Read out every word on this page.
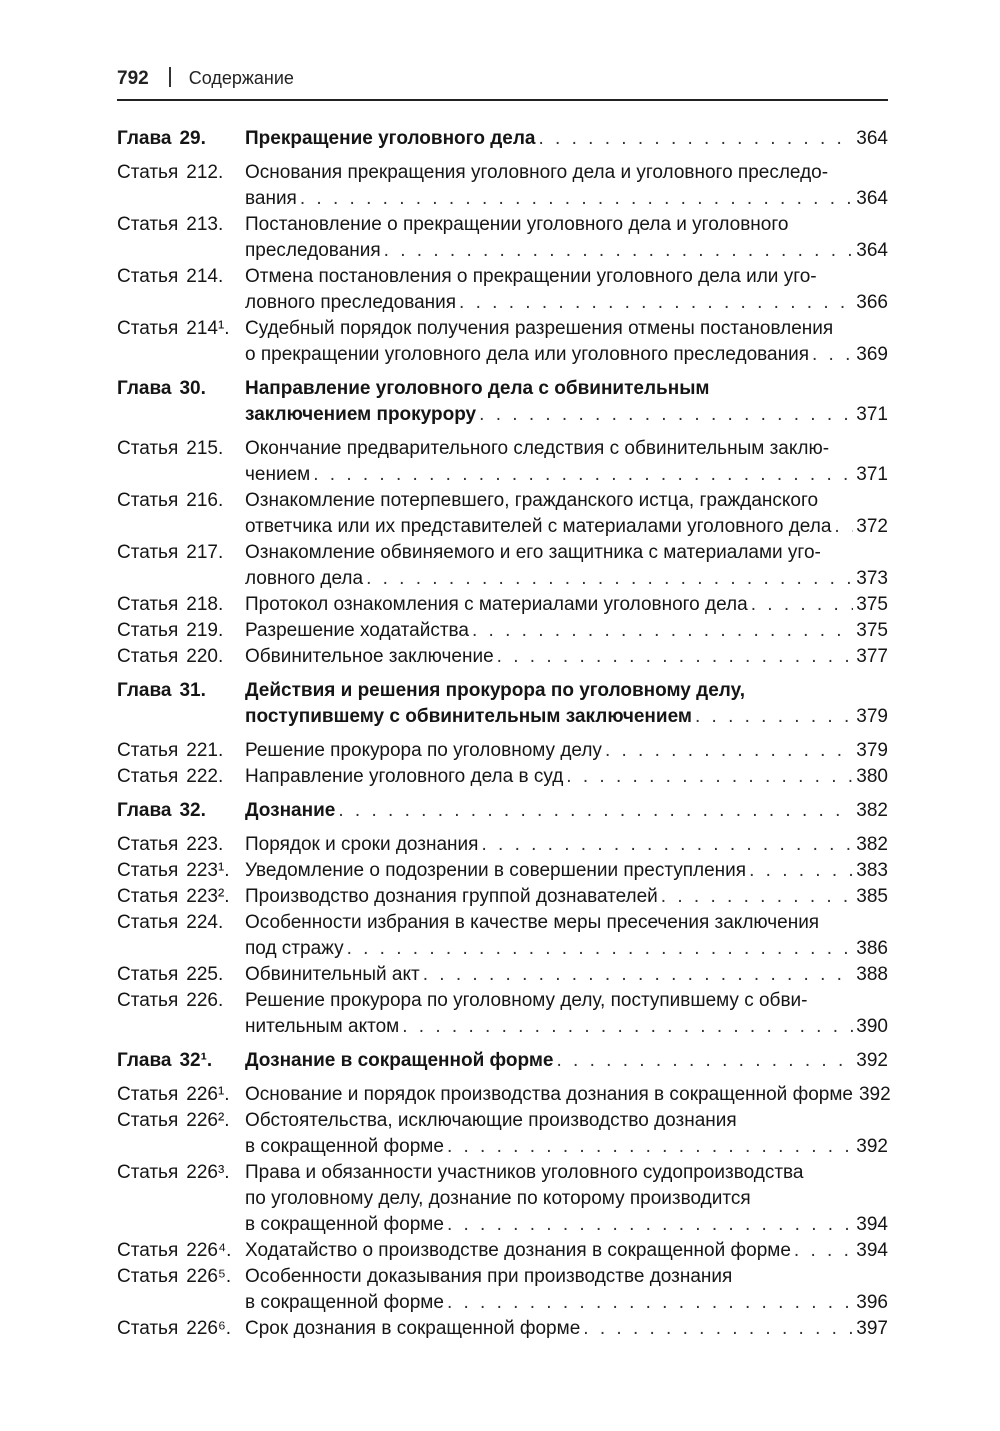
792 Содержание
Глава 29.	Прекращение уголовного дела . . .	364
Статья 212.	Основания прекращения уголовного дела и уголовного преследо-
вания . . .	364
Статья 213.	Постановление о прекращении уголовного дела и уголовного
преследования . . .	364
Статья 214.	Отмена постановления о прекращении уголовного дела или уго-
ловного преследования . . .	366
Статья 214¹. Судебный порядок получения разрешения отмены постановления
о прекращении уголовного дела или уголовного преследования . . . 369
Глава 30.	Направление уголовного дела с обвинительным
заключением прокурору . . .	371
Статья 215.	Окончание предварительного следствия с обвинительным заклю-
чением . . .	371
Статья 216.	Ознакомление потерпевшего, гражданского истца, гражданского
ответчика или их представителей с материалами уголовного дела . . . 372
Статья 217.	Ознакомление обвиняемого и его защитника с материалами уго-
ловного дела . . .	373
Статья 218.	Протокол ознакомления с материалами уголовного дела . . .	375
Статья 219.	Разрешение ходатайства . . .	375
Статья 220.	Обвинительное заключение . . .	377
Глава 31.	Действия и решения прокурора по уголовному делу,
поступившему с обвинительным заключением . . .	379
Статья 221.	Решение прокурора по уголовному делу . . .	379
Статья 222.	Направление уголовного дела в суд . . .	380
Глава 32.	Дознание . . .	382
Статья 223.	Порядок и сроки дознания . . .	382
Статья 223¹. Уведомление о подозрении в совершении преступления . . .	383
Статья 223². Производство дознания группой дознавателей . . .	385
Статья 224.	Особенности избрания в качестве меры пресечения заключения
под стражу . . .	386
Статья 225.	Обвинительный акт . . .	388
Статья 226.	Решение прокурора по уголовному делу, поступившему с обви-
нительным актом . . .	390
Глава 32¹.	Дознание в сокращенной форме . . .	392
Статья 226¹. Основание и порядок производства дознания в сокращенной форме 392
Статья 226². Обстоятельства, исключающие производство дознания
в сокращенной форме . . .	392
Статья 226³. Права и обязанности участников уголовного судопроизводства
по уголовному делу, дознание по которому производится
в сокращенной форме . . .	394
Статья 226⁴. Ходатайство о производстве дознания в сокращенной форме . . .	394
Статья 226⁵. Особенности доказывания при производстве дознания
в сокращенной форме . . .	396
Статья 226⁶. Срок дознания в сокращенной форме . . .	397
